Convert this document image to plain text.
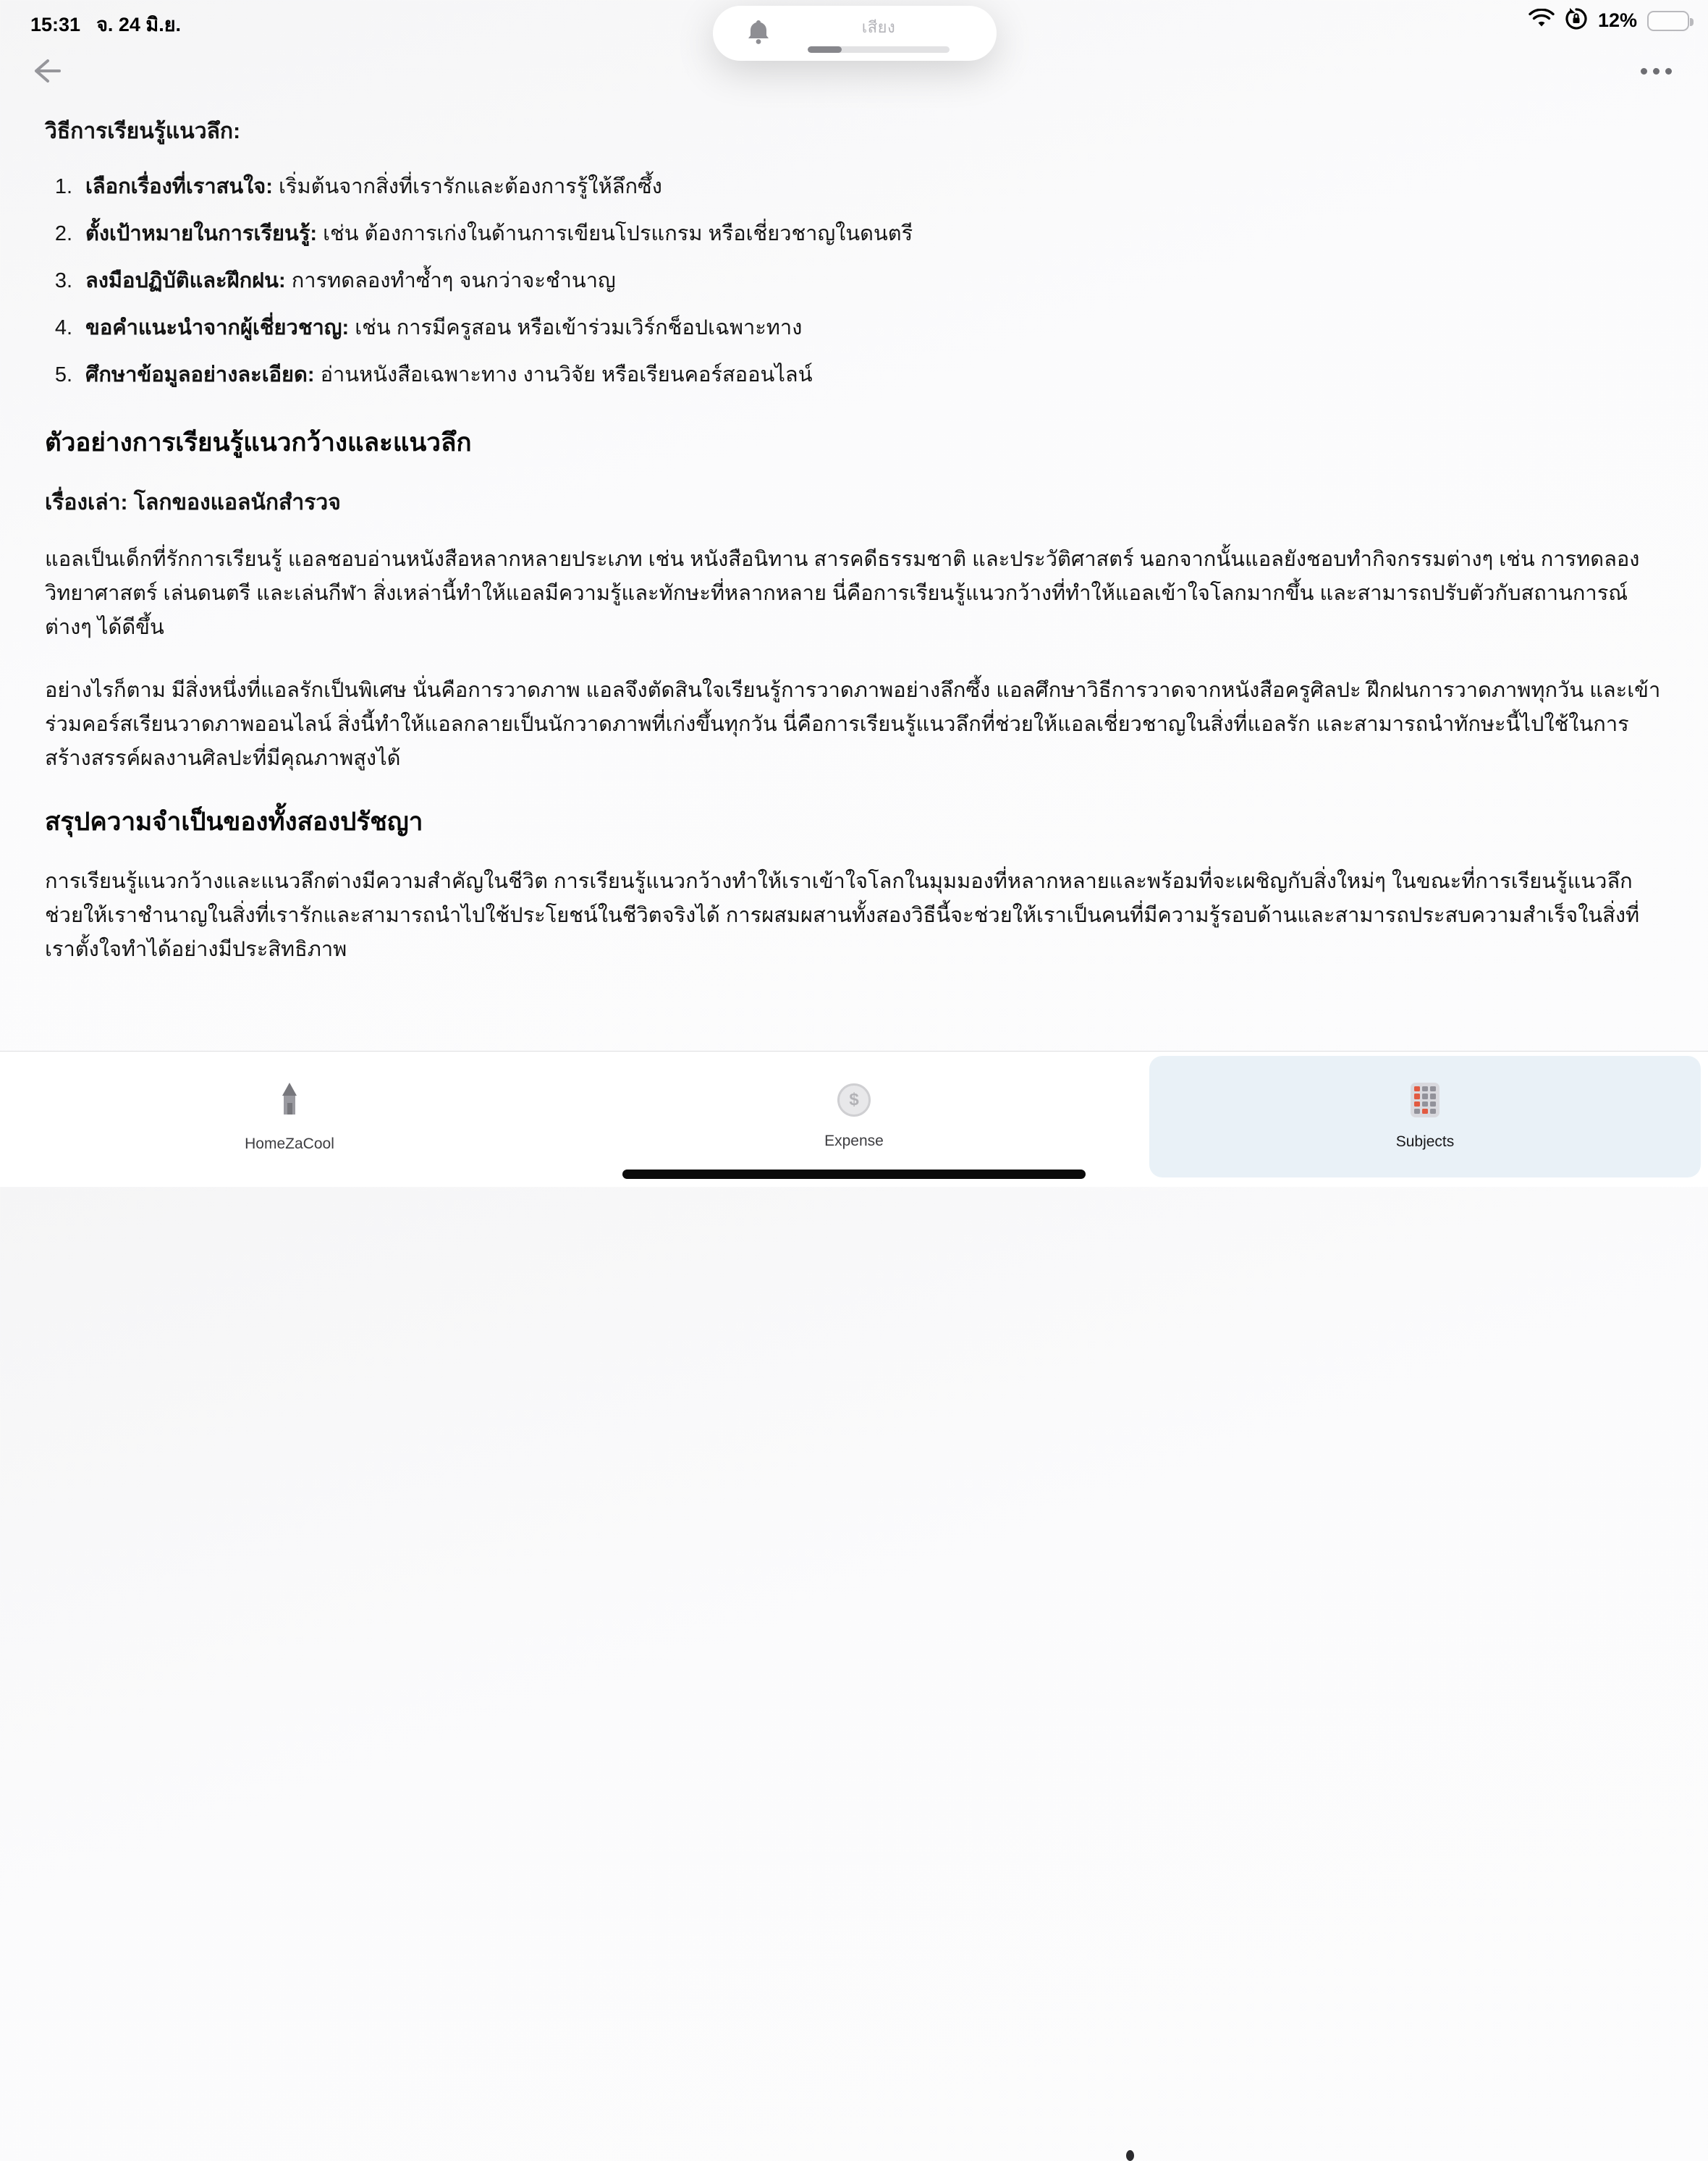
15:31 จ. 24 มิ.ย.	12%
เสียง
วิธีการเรียนรู้แนวลึก:
1. เลือกเรื่องที่เราสนใจ: เริ่มต้นจากสิ่งที่เรารักและต้องการรู้ให้ลึกซึ้ง
2. ตั้งเป้าหมายในการเรียนรู้: เช่น ต้องการเก่งในด้านการเขียนโปรแกรม หรือเชี่ยวชาญในดนตรี
3. ลงมือปฏิบัติและฝึกฝน: การทดลองทำซ้ำๆ จนกว่าจะชำนาญ
4. ขอคำแนะนำจากผู้เชี่ยวชาญ: เช่น การมีครูสอน หรือเข้าร่วมเวิร์กช็อปเฉพาะทาง
5. ศึกษาข้อมูลอย่างละเอียด: อ่านหนังสือเฉพาะทาง งานวิจัย หรือเรียนคอร์สออนไลน์
ตัวอย่างการเรียนรู้แนวกว้างและแนวลึก
เรื่องเล่า: โลกของแอลนักสำรวจ

แอลเป็นเด็กที่รักการเรียนรู้ แอลชอบอ่านหนังสือหลากหลายประเภท เช่น หนังสือนิทาน สารคดีธรรมชาติ และประวัติศาสตร์ นอกจากนั้นแอลยังชอบทำกิจกรรมต่างๆ เช่น การทดลองวิทยาศาสตร์ เล่นดนตรี และเล่นกีฬา สิ่งเหล่านี้ทำให้แอลมีความรู้และทักษะที่หลากหลาย นี่คือการเรียนรู้แนวกว้างที่ทำให้แอลเข้าใจโลกมากขึ้น และสามารถปรับตัวกับสถานการณ์ต่างๆ ได้ดีขึ้น

อย่างไรก็ตาม มีสิ่งหนึ่งที่แอลรักเป็นพิเศษ นั่นคือการวาดภาพ แอลจึงตัดสินใจเรียนรู้การวาดภาพอย่างลึกซึ้ง แอลศึกษาวิธีการวาดจากหนังสือครูศิลปะ ฝึกฝนการวาดภาพทุกวัน และเข้าร่วมคอร์สเรียนวาดภาพออนไลน์ สิ่งนี้ทำให้แอลกลายเป็นนักวาดภาพที่เก่งขึ้นทุกวัน นี่คือการเรียนรู้แนวลึกที่ช่วยให้แอลเชี่ยวชาญในสิ่งที่แอลรัก และสามารถนำทักษะนี้ไปใช้ในการสร้างสรรค์ผลงานศิลปะที่มีคุณภาพสูงได้

สรุปความจำเป็นของทั้งสองปรัชญา

การเรียนรู้แนวกว้างและแนวลึกต่างมีความสำคัญในชีวิต การเรียนรู้แนวกว้างทำให้เราเข้าใจโลกในมุมมองที่หลากหลายและพร้อมที่จะเผชิญกับสิ่งใหม่ๆ ในขณะที่การเรียนรู้แนวลึกช่วยให้เราชำนาญในสิ่งที่เรารักและสามารถนำไปใช้ประโยชน์ในชีวิตจริงได้ การผสมผสานทั้งสองวิธีนี้จะช่วยให้เราเป็นคนที่มีความรู้รอบด้านและสามารถประสบความสำเร็จในสิ่งที่เราตั้งใจทำได้อย่างมีประสิทธิภาพ

HomeZaCool
$
Expense	Subjects
